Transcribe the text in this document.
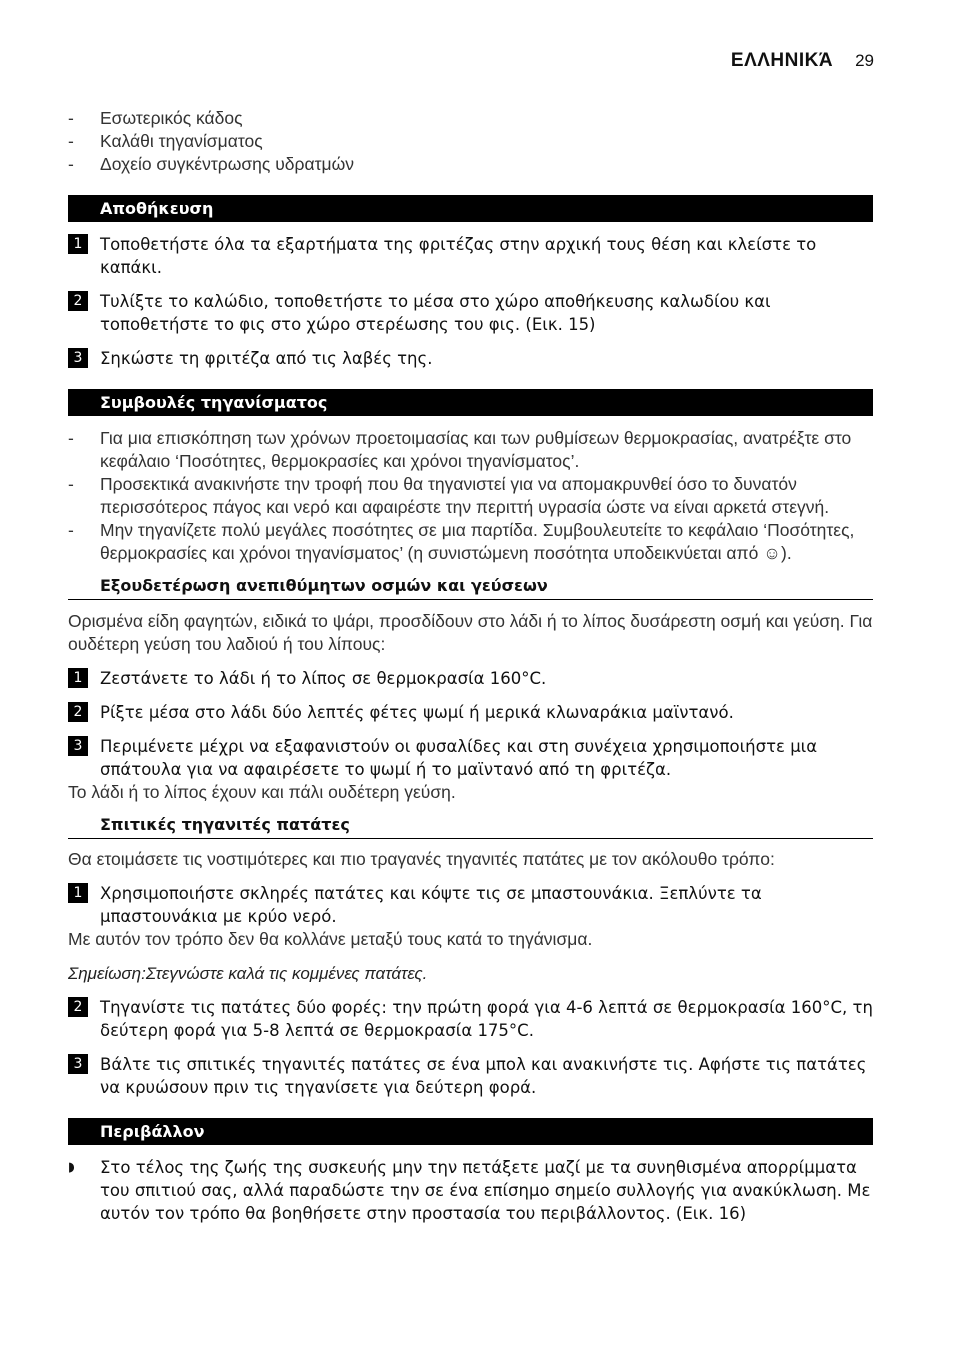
ΕΛΛΗΝΙΚΆ 29
- Εσωτερικός κάδος
- Καλάθι τηγανίσματος
- Δοχείο συγκέντρωσης υδρατμών
Αποθήκευση
1	Τοποθετήστε όλα τα εξαρτήματα της φριτέζας στην αρχική τους θέση και κλείστε το καπάκι.
2	Τυλίξτε το καλώδιο, τοποθετήστε το μέσα στο χώρο αποθήκευσης καλωδίου και τοποθετήστε το φις στο χώρο στερέωσης του φις. (Εικ. 15)
3	Σηκώστε τη φριτέζα από τις λαβές της.
Συμβουλές τηγανίσματος
- Για μια επισκόπηση των χρόνων προετοιμασίας και των ρυθμίσεων θερμοκρασίας, ανατρέξτε στο κεφάλαιο ‘Ποσότητες, θερμοκρασίες και χρόνοι τηγανίσματος’.
- Προσεκτικά ανακινήστε την τροφή που θα τηγανιστεί για να απομακρυνθεί όσο το δυνατόν περισσότερος πάγος και νερό και αφαιρέστε την περιττή υγρασία ώστε να είναι αρκετά στεγνή.
- Μην τηγανίζετε πολύ μεγάλες ποσότητες σε μια παρτίδα. Συμβουλευτείτε το κεφάλαιο ‘Ποσότητες, θερμοκρασίες και χρόνοι τηγανίσματος’ (η συνιστώμενη ποσότητα υποδεικνύεται από ☺).
Εξουδετέρωση ανεπιθύμητων οσμών και γεύσεων
Ορισμένα είδη φαγητών, ειδικά το ψάρι, προσδίδουν στο λάδι ή το λίπος δυσάρεστη οσμή και γεύση. Για ουδέτερη γεύση του λαδιού ή του λίπους:
1	Ζεστάνετε το λάδι ή το λίπος σε θερμοκρασία 160°C.
2	Ρίξτε μέσα στο λάδι δύο λεπτές φέτες ψωμί ή μερικά κλωναράκια μαϊντανό.
3	Περιμένετε μέχρι να εξαφανιστούν οι φυσαλίδες και στη συνέχεια χρησιμοποιήστε μια σπάτουλα για να αφαιρέσετε το ψωμί ή το μαϊντανό από τη φριτέζα.
Το λάδι ή το λίπος έχουν και πάλι ουδέτερη γεύση.
Σπιτικές τηγανιτές πατάτες
Θα ετοιμάσετε τις νοστιμότερες και πιο τραγανές τηγανιτές πατάτες με τον ακόλουθο τρόπο:
1	Χρησιμοποιήστε σκληρές πατάτες και κόψτε τις σε μπαστουνάκια. Ξεπλύντε τα μπαστουνάκια με κρύο νερό.
Με αυτόν τον τρόπο δεν θα κολλάνε μεταξύ τους κατά το τηγάνισμα.
Σημείωση:Στεγνώστε καλά τις κομμένες πατάτες.
2	Τηγανίστε τις πατάτες δύο φορές: την πρώτη φορά για 4-6 λεπτά σε θερμοκρασία 160°C, τη δεύτερη φορά για 5-8 λεπτά σε θερμοκρασία 175°C.
3	Βάλτε τις σπιτικές τηγανιτές πατάτες σε ένα μπολ και ανακινήστε τις. Αφήστε τις πατάτες να κρυώσουν πριν τις τηγανίσετε για δεύτερη φορά.
Περιβάλλον
◗	Στο τέλος της ζωής της συσκευής μην την πετάξετε μαζί με τα συνηθισμένα απορρίμματα του σπιτιού σας, αλλά παραδώστε την σε ένα επίσημο σημείο συλλογής για ανακύκλωση. Με αυτόν τον τρόπο θα βοηθήσετε στην προστασία του περιβάλλοντος. (Εικ. 16)
